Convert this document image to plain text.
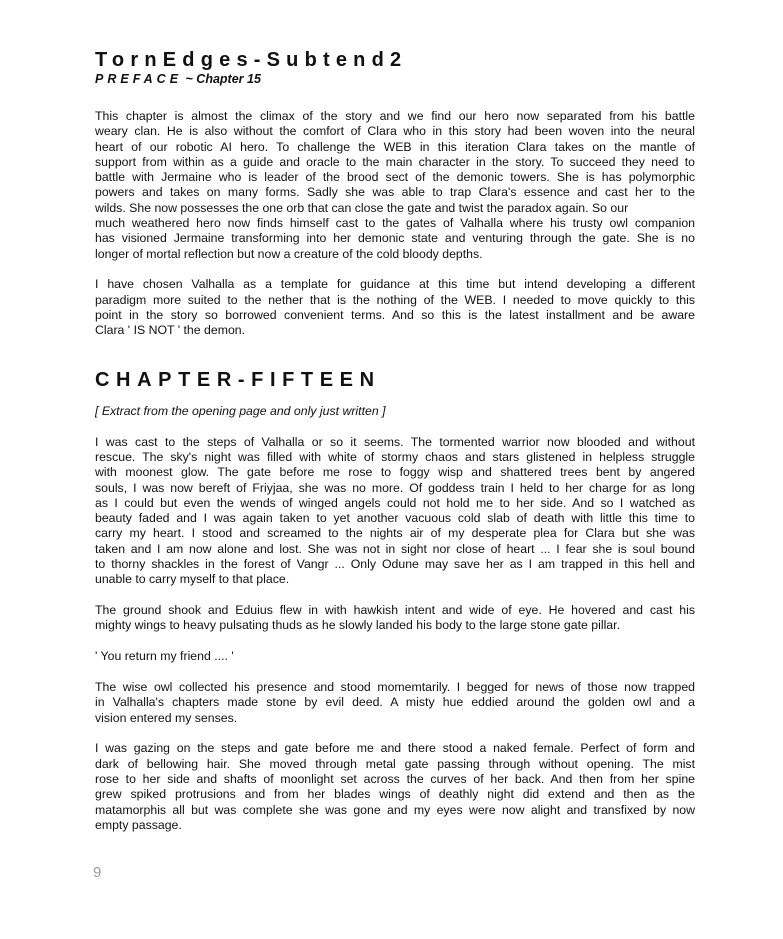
TornEdges-Subtend2

PREFACE ~ Chapter 15

This chapter is almost the climax of the story and we find our hero now separated from his battle
weary clan. He is also without the comfort of Clara who in this story had been woven into the neural
heart of our robotic AI hero. To challenge the WEB in this iteration Clara takes on the mantle of
support from within as a guide and oracle to the main character in the story. To succeed they need to
battle with Jermaine who is leader of the brood sect of the demonic towers. She is has polymorphic
powers and takes on many forms. Sadly she was able to trap Clara's essence and cast her to the
wilds. She now possesses the one orb that can close the gate and twist the paradox again. So our
much weathered hero now finds himself cast to the gates of Valhalla where his trusty owl companion
has visioned Jermaine transforming into her demonic state and venturing through the gate. She is no
longer of mortal reflection but now a creature of the cold bloody depths.

I have chosen Valhalla as a template for guidance at this time but intend developing a different
paradigm more suited to the nether that is the nothing of the WEB. I needed to move quickly to this
point in the story so borrowed convenient terms. And so this is the latest installment and be aware
Clara ' IS NOT ' the demon.

CHAPTER-FIFTEEN

[ Extract from the opening page and only just written ]

I was cast to the steps of Valhalla or so it seems. The tormented warrior now blooded and without
rescue. The sky's night was filled with white of stormy chaos and stars glistened in helpless struggle
with moonest glow. The gate before me rose to foggy wisp and shattered trees bent by angered
souls, I was now bereft of Friyjaa, she was no more. Of goddess train I held to her charge for as long
as I could but even the wends of winged angels could not hold me to her side. And so I watched as
beauty faded and I was again taken to yet another vacuous cold slab of death with little this time to
carry my heart. I stood and screamed to the nights air of my desperate plea for Clara but she was
taken and I am now alone and lost. She was not in sight nor close of heart ... I fear she is soul bound
to thorny shackles in the forest of Vangr ... Only Odune may save her as I am trapped in this hell and
unable to carry myself to that place.

The ground shook and Eduius flew in with hawkish intent and wide of eye. He hovered and cast his
mighty wings to heavy pulsating thuds as he slowly landed his body to the large stone gate pillar.

' You return my friend .... '

The wise owl collected his presence and stood momemtarily. I begged for news of those now trapped
in Valhalla's chapters made stone by evil deed. A misty hue eddied around the golden owl and a
vision entered my senses.

I was gazing on the steps and gate before me and there stood a naked female. Perfect of form and
dark of bellowing hair. She moved through metal gate passing through without opening. The mist
rose to her side and shafts of moonlight set across the curves of her back. And then from her spine
grew spiked protrusions and from her blades wings of deathly night did extend and then as the
matamorphis all but was complete she was gone and my eyes were now alight and transfixed by now
empty passage.

9
